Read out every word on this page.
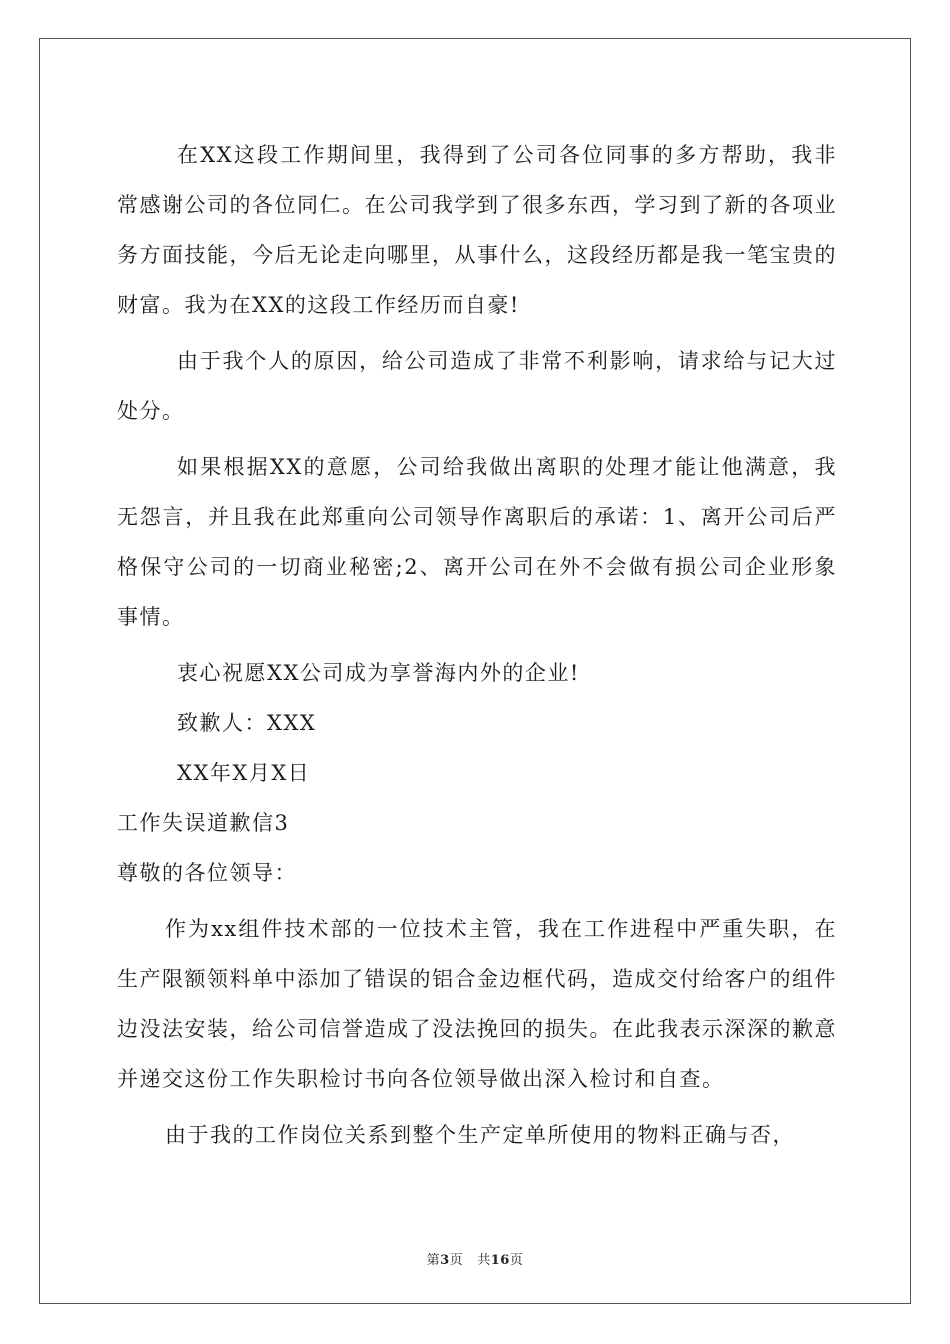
在XX这段工作期间里，我得到了公司各位同事的多方帮助，我非常感谢公司的各位同仁。在公司我学到了很多东西，学习到了新的各项业务方面技能，今后无论走向哪里，从事什么，这段经历都是我一笔宝贵的财富。我为在XX的这段工作经历而自豪!

由于我个人的原因，给公司造成了非常不利影响，请求给与记大过处分。

如果根据XX的意愿，公司给我做出离职的处理才能让他满意，我无怨言，并且我在此郑重向公司领导作离职后的承诺：1、离开公司后严格保守公司的一切商业秘密;2、离开公司在外不会做有损公司企业形象事情。

衷心祝愿XX公司成为享誉海内外的企业!

致歉人：XXX

XX年X月X日

工作失误道歉信3

尊敬的各位领导：

作为xx组件技术部的一位技术主管，我在工作进程中严重失职，在生产限额领料单中添加了错误的铝合金边框代码，造成交付给客户的组件边没法安装，给公司信誉造成了没法挽回的损失。在此我表示深深的歉意并递交这份工作失职检讨书向各位领导做出深入检讨和自查。

由于我的工作岗位关系到整个生产定单所使用的物料正确与否，

第3页 共16页
